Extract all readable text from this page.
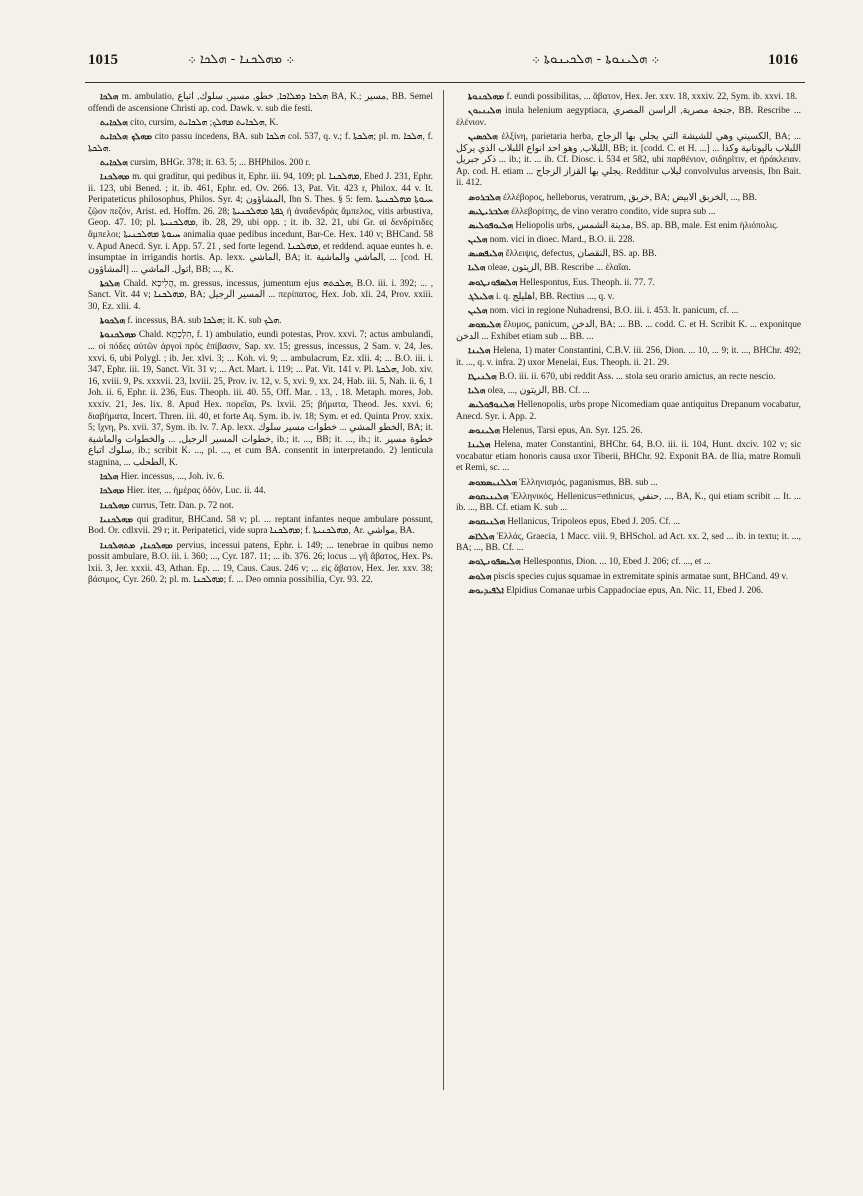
1015	܀ ܡܗܠܟܢܐ - ܗܠܟܐ ܀	܀ ܗܠܝܢܘܬܐ - ܗܠܟܝܢܘܬܐ ܀	1016

ܗܠܟܐ m. ambulatio, ܗܠܟܐ ܕܡܠܐܟܐ, خطو, مسير, سلوك, اتباع BA, K.; مسير, BB. Semel offendi de ascensione Christi ap. cod. Dawk. v. sub die festi.

ܗܠܟܐܝܬ cito, cursim, ܗܠܟܐܝܬ ܡܗܠܟ; ܗܠܟܐܝܬ, K.

ܡܗܠܟ ܗܠܟܐܝܬ cito passu incedens, BA. sub ܗܠܟܐ col. 537, q. v.; f. ܗܠܟܬܐ; pl. m. ܗܠܟܐ, f. ܗܠܟܬܐ.

ܗܠܟܐܝܬ cursim, BHGr. 378; it. 63. 5; ... BHPhilos. 200 r.

ܡܗܠܟܢܐ m. qui graditur, qui pedibus it, Ephr. iii. 94, 109; pl. ܡܗܠܟܢܐ, Ebed J. 231, Ephr. ii. 123, ubi Bened. ; it. ib. 461, Ephr. ed. Ov. 266. 13, Pat. Vit. 423 r, Philox. 44 v. It. Peripateticus philosophus, Philos. Syr. 4; المشاؤون, Ibn S. Thes. § 5: fem. ܚܝܘܬܐ ܡܗܠܟܢܝܬܐ ζῷον πεζόν, Arist. ed. Hoffm. 26. 28; ܓܦܬܐ ܡܗܠܟܢܝܬܐ ἡ ἀναδενδρὰς ἄμπελος, vitis arbustiva, Geop. 47. 10; pl. ܡܗܠܟܢܝܬܐ, ib. 28, 29, ubi opp. ; it. ib. 32. 21, ubi Gr. αἱ δενδρίτιδες ἄμπελοι; ܚܝܘܬܐ ܡܗܠܟܢܝܬܐ animalia quae pedibus incedunt, Bar-Ce. Hex. 140 v; BHCand. 58 v. Apud Anecd. Syr. i. App. 57. 21 , sed forte legend. ܡܗܠܟܢܐ, et reddend. aquae euntes h. e. insumptae in irrigandis hortis. Ap. lexx. الماشي, BA; it. الماشي والماشية, ... [cod. H. المشاؤون] ... اتول. الماشي, BB; ..., K.

ܗܠܟܬܐ Chald. הֲלִיכָא, m. gressus, incessus, jumentum ejus ܗܠܟܬܗ, B.O. iii. i. 392; ... , Sanct. Vit. 44 v; ܡܗܠܟܢܐ, BA; المسير الرجيل ... περίπατος, Hex. Job. xli. 24, Prov. xxiii. 30, Ez. xlii. 4.

ܗܠܟܘܬܐ f. incessus, BA. sub ܗܠܟܐ; it. K. sub ܗܠܟ.

ܡܗܠܟܢܘܬܐ Chald. הִלְכְתָא, f. 1) ambulatio, eundi potestas, Prov. xxvi. 7; actus ambulandi, ... οἱ πόδες αὐτῶν ἀργοὶ πρὸς ἐπίβασιν, Sap. xv. 15; gressus, incessus, 2 Sam. v. 24, Jes. xxvi. 6, ubi Polygl. ; ib. Jer. xlvi. 3; ... Koh. vi. 9; ... ambulacrum, Ez. xlii. 4; ... B.O. iii. i. 347, Ephr. iii. 19, Sanct. Vit. 31 v; ... Act. Mart. i. 119; ... Pat. Vit. 141 v. Pl. ܗܠܟܬܐ, Job. xiv. 16, xviii. 9, Ps. xxxvii. 23, lxviii. 25, Prov. iv. 12, v. 5, xvi. 9, xx. 24, Hab. iii. 5, Nah. ii. 6, 1 Joh. ii. 6, Ephr. ii. 236, Eus. Theoph. iii. 40. 55, Off. Mar. . 13, . 18. Metaph. mores, Job. xxxiv. 21, Jes. lix. 8. Apud Hex. πορεῖαι, Ps. lxvii. 25; βήματα, Theod. Jes. xxvi. 6; διαβήματα, Incert. Thren. iii. 40, et forte Aq. Sym. ib. iv. 18; Sym. et ed. Quinta Prov. xxix. 5; ἴχνη, Ps. xvii. 37, Sym. ib. lv. 7. Ap. lexx. الخطو المشي ... خطوات مسير سلوك, BA; it. خطوات المسير الرجيل, ... والخطوات والماشية, ib.; it. ..., BB; it. ..., ib.; it. خطوة مسير سلوك اتباع, ib.; scribit K. ..., pl. ..., et cum BA. consentit in interpretando. 2) lenticula stagnina, ... الطحلب, K.

ܗܠܟܐ Hier. incessus, ..., Joh. iv. 6.

ܡܗܠܟܐ Hier. iter, ... ἡμέρας ὁδόν, Luc. ii. 44.

ܡܗܠܟܢܐ currus, Tetr. Dan. p. 72 not.

ܡܗܠܟܢܝܐ qui graditur, BHCand. 58 v; pl. ... reptant infantes neque ambulare possunt, Bod. Or. cdlxvii. 29 r; it. Peripatetici, vide supra ܡܗܠܟܢܐ; f. ܡܗܠܟܢܝܬܐ, Ar. مواشي, BA.

ܡܗܠܟܢܐ, ܡܬܗܠܟܢܐ pervius, incessui patens, Ephr. i. 149; ... tenebrae in quibus nemo possit ambulare, B.O. iii. i. 360; ..., Cyr. 187. 11; ... ib. 376. 26; locus ... γῆ ἄβατος, Hex. Ps. lxii. 3, Jer. xxxii. 43, Athan. Ep. ... 19, Caus. Caus. 246 v; ... εἰς ἄβατον, Hex. Jer. xxv. 38; βάσιμος, Cyr. 260. 2; pl. m. ܡܗܠܟܢܐ; f. ... Deo omnia possibilia, Cyr. 93. 22.

ܡܗܠܟܢܘܬܐ f. eundi possibilitas, ... ἄβατον, Hex. Jer. xxv. 18, xxxiv. 22, Sym. ib. xxvi. 18.

ܗܠܝܢܝܘܢ inula helenium aegyptiaca, جنجة مصرية, الراسن المصري, BB. Rescribe ... ἑλένιον.

ܗܠܟܣܝܢ ἑλξίνη, parietaria herba, الكسيني وهي للشيشة التي يجلي بها الزجاج, BA; ... اللبلاب, وهو احد انواع اللبلاب الذي يركل, BB; it. [codd. C. et H. ...] ... اللبلاب باليونانية وكذا ذكر جبريل ... ib.; it. ... ib. Cf. Diosc. i. 534 et 582, ubi παρθένιον, σιδηρῖτιν, et ἡράκλειαν. Ap. cod. H. etiam ... يجلي بها القزاز الزجاج. Redditur لبلاب convolvulus arvensis, Ibn Bait. ii. 412.

ܗܠܒܪܘܣ ἐλλέβορος, helleborus, veratrum, خربق, BA; الخربق الابيض, ..., BB.

ܗܠܒܪܝܛܝܣ ἐλλεβορίτης, de vino veratro condito, vide supra sub ...

ܗܠܝܘܦܘܠܝܣ Heliopolis urbs, مدينة الشمس, BS. ap. BB, male. Est enim ἡλιόπολις.

ܗܠܝܢ nom. vici in dioec. Mard., B.O. ii. 228.

ܗܠܝܦܣܝܣ ἔλλειψις, defectus, النقصان, BS. ap. BB.

ܗܠܝܐ oleae, الزيتون, BB. Rescribe ... ἐλαῖαι.

ܗܠܣܦܘܢܛܘܣ Hellespontus, Eus. Theoph. ii. 77. 7.

ܗܠܝܠܓ i. q. اهليلج, BB. Rectius ..., q. v.

ܗܠܝܢ nom. vici in regione Nuhadrensi, B.O. iii. i. 453. It. panicum, cf. ...

ܗܠܝܡܘܣ ἔλυμος, panicum, الدخن, BA; ... BB. ... codd. C. et H. Scribit K. ... exponitque الدخن ... Exhibet etiam sub ... BB. ...

ܗܠܝܢܐ Helena, 1) mater Constantini, C.B.V. iii. 256, Dion. ... 10, ... 9; it. ..., BHChr. 492; it. ..., q. v. infra. 2) uxor Menelai, Eus. Theoph. ii. 21. 29.

ܗܠܢܝܛܐ B.O. iii. ii. 670, ubi reddit Ass. ... stola seu orario amictus, an recte nescio.

ܗܠܝܐ olea, ..., الزيتون, BB. Cf. ...

ܗܠܢܘܦܘܠܝܣ Hellenopolis, urbs prope Nicomediam quae antiquitus Drepanum vocabatur, Anecd. Syr. i. App. 2.

ܗܠܝܢܘܣ Helenus, Tarsi epus, An. Syr. 125. 26.

ܗܠܝܢܐ Helena, mater Constantini, BHChr. 64, B.O. iii. ii. 104, Hunt. dxciv. 102 v; sic vocabatur etiam honoris causa uxor Tiberii, BHChr. 92. Exponit BA. de Ilia, matre Romuli et Remi, sc. ...

ܗܠܠܢܝܣܡܘܣ Ἑλληνισμός, paganismus, BB. sub ...

ܗܠܝܢܝܩܘܣ Ἑλληνικός, Hellenicus=ethnicus, حنفي, ..., BA, K., qui etiam scribit ... It. ... ib. ..., BB. Cf. etiam K. sub ...

ܗܠܢܝܩܘܣ Hellanicus, Tripoleos epus, Ebed J. 205. Cf. ...

ܗܠܠܐܣ Ἑλλάς, Graecia, 1 Macc. viii. 9, BHSchol. ad Act. xx. 2, sed ... ib. in textu; it. ..., BA; ..., BB. Cf. ...

ܗܠܝܣܦܘܢܛܘܣ Hellespontus, Dion. ... 10, Ebed J. 206; cf. ..., et ...

ܗܠܘܣ piscis species cujus squamae in extremitate spinis armatae sunt, BHCand. 49 v.

ܐܠܦܝܕܝܘܣ Elpidius Comanae urbis Cappadociae epus, An. Nic. 11, Ebed J. 206.
